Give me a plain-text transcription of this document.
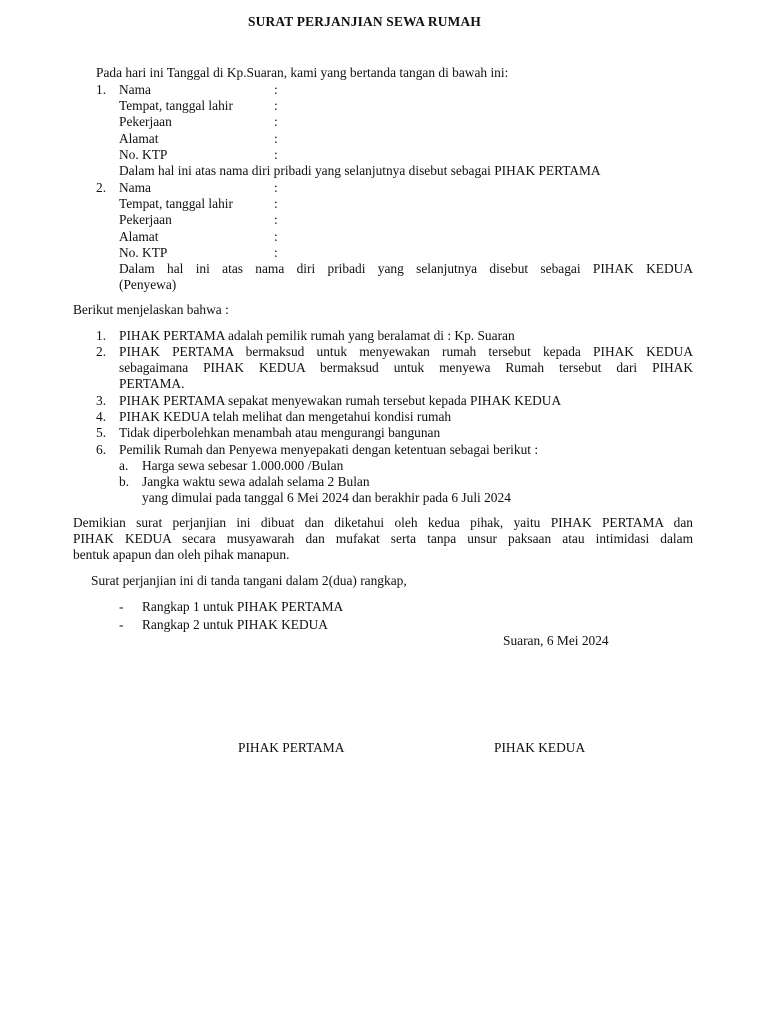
SURAT PERJANJIAN SEWA RUMAH
Pada hari ini Tanggal di Kp.Suaran, kami yang bertanda tangan di bawah ini:
1. Nama	:
Tempat, tanggal lahir	:
Pekerjaan	:
Alamat	:
No. KTP	:
Dalam hal ini atas nama diri pribadi yang selanjutnya disebut sebagai PIHAK PERTAMA
2. Nama	:
Tempat, tanggal lahir	:
Pekerjaan	:
Alamat	:
No. KTP	:
Dalam hal ini atas nama diri pribadi yang selanjutnya disebut sebagai PIHAK KEDUA
(Penyewa)
Berikut menjelaskan bahwa :
1. PIHAK PERTAMA adalah pemilik rumah yang beralamat di : Kp. Suaran
2. PIHAK PERTAMA bermaksud untuk menyewakan rumah tersebut kepada PIHAK KEDUA
sebagaimana PIHAK KEDUA bermaksud untuk menyewa Rumah tersebut dari PIHAK
PERTAMA.
3. PIHAK PERTAMA sepakat menyewakan rumah tersebut kepada PIHAK KEDUA
4. PIHAK KEDUA telah melihat dan mengetahui kondisi rumah
5. Tidak diperbolehkan menambah atau mengurangi bangunan
6. Pemilik Rumah dan Penyewa menyepakati dengan ketentuan sebagai berikut :
a. Harga sewa sebesar 1.000.000 /Bulan
b. Jangka waktu sewa adalah selama 2 Bulan
yang dimulai pada tanggal 6 Mei 2024 dan berakhir pada 6 Juli 2024
Demikian surat perjanjian ini dibuat dan diketahui oleh kedua pihak, yaitu PIHAK PERTAMA dan
PIHAK KEDUA secara musyawarah dan mufakat serta tanpa unsur paksaan atau intimidasi dalam
bentuk apapun dan oleh pihak manapun.
Surat perjanjian ini di tanda tangani dalam 2(dua) rangkap,
- Rangkap 1 untuk PIHAK PERTAMA
- Rangkap 2 untuk PIHAK KEDUA
Suaran, 6 Mei 2024
PIHAK PERTAMA	PIHAK KEDUA
